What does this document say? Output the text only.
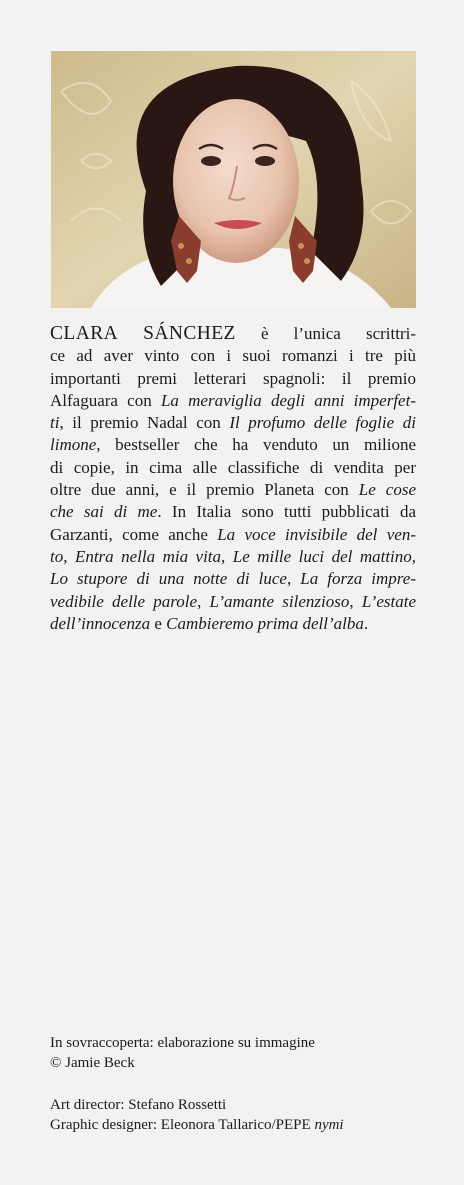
CLARA SÁNCHEZ è l’unica scrittri-
ce ad aver vinto con i suoi romanzi i tre più
importanti premi letterari spagnoli: il premio
Alfaguara con La meraviglia degli anni imperfet-
ti, il premio Nadal con Il profumo delle foglie di
limone, bestseller che ha venduto un milione
di copie, in cima alle classifiche di vendita per
oltre due anni, e il premio Planeta con Le cose
che sai di me. In Italia sono tutti pubblicati da
Garzanti, come anche La voce invisibile del ven-
to, Entra nella mia vita, Le mille luci del mattino,
Lo stupore di una notte di luce, La forza impre-
vedibile delle parole, L’amante silenzioso, L’estate
dell’innocenza e Cambieremo prima dell’alba.
In sovraccoperta: elaborazione su immagine
© Jamie Beck
Art director: Stefano Rossetti
Graphic designer: Eleonora Tallarico/PEPE nymi
